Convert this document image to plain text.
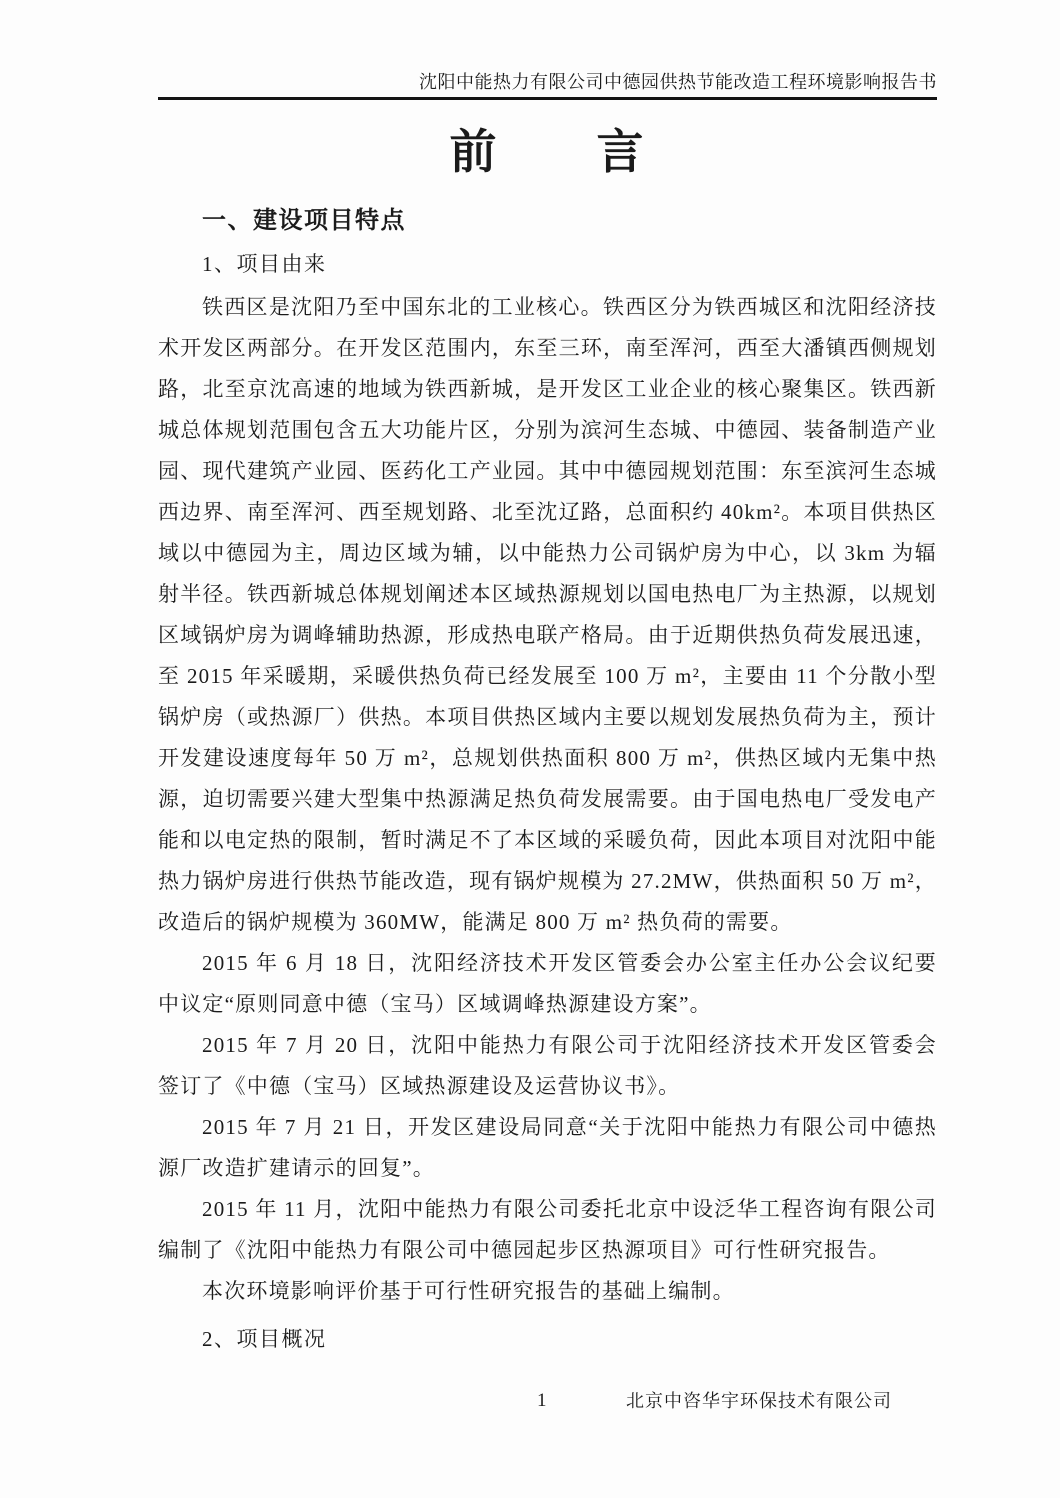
沈阳中能热力有限公司中德园供热节能改造工程环境影响报告书
前　　言
一、建设项目特点
1、项目由来

铁西区是沈阳乃至中国东北的工业核心。铁西区分为铁西城区和沈阳经济技术开发区两部分。在开发区范围内，东至三环，南至浑河，西至大潘镇西侧规划路，北至京沈高速的地域为铁西新城，是开发区工业企业的核心聚集区。铁西新城总体规划范围包含五大功能片区，分别为滨河生态城、中德园、装备制造产业园、现代建筑产业园、医药化工产业园。其中中德园规划范围：东至滨河生态城西边界、南至浑河、西至规划路、北至沈辽路，总面积约 40km²。本项目供热区域以中德园为主，周边区域为辅，以中能热力公司锅炉房为中心，以 3km 为辐射半径。铁西新城总体规划阐述本区域热源规划以国电热电厂为主热源，以规划区域锅炉房为调峰辅助热源，形成热电联产格局。由于近期供热负荷发展迅速，至 2015 年采暖期，采暖供热负荷已经发展至 100 万 m²，主要由 11 个分散小型锅炉房（或热源厂）供热。本项目供热区域内主要以规划发展热负荷为主，预计开发建设速度每年 50 万 m²，总规划供热面积 800 万 m²，供热区域内无集中热源，迫切需要兴建大型集中热源满足热负荷发展需要。由于国电热电厂受发电产能和以电定热的限制，暂时满足不了本区域的采暖负荷，因此本项目对沈阳中能热力锅炉房进行供热节能改造，现有锅炉规模为 27.2MW，供热面积 50 万 m²，改造后的锅炉规模为 360MW，能满足 800 万 m² 热负荷的需要。

2015 年 6 月 18 日，沈阳经济技术开发区管委会办公室主任办公会议纪要中议定“原则同意中德（宝马）区域调峰热源建设方案”。

2015 年 7 月 20 日，沈阳中能热力有限公司于沈阳经济技术开发区管委会签订了《中德（宝马）区域热源建设及运营协议书》。

2015 年 7 月 21 日，开发区建设局同意“关于沈阳中能热力有限公司中德热源厂改造扩建请示的回复”。

2015 年 11 月，沈阳中能热力有限公司委托北京中设泛华工程咨询有限公司编制了《沈阳中能热力有限公司中德园起步区热源项目》可行性研究报告。

本次环境影响评价基于可行性研究报告的基础上编制。

2、项目概况
1	北京中咨华宇环保技术有限公司
